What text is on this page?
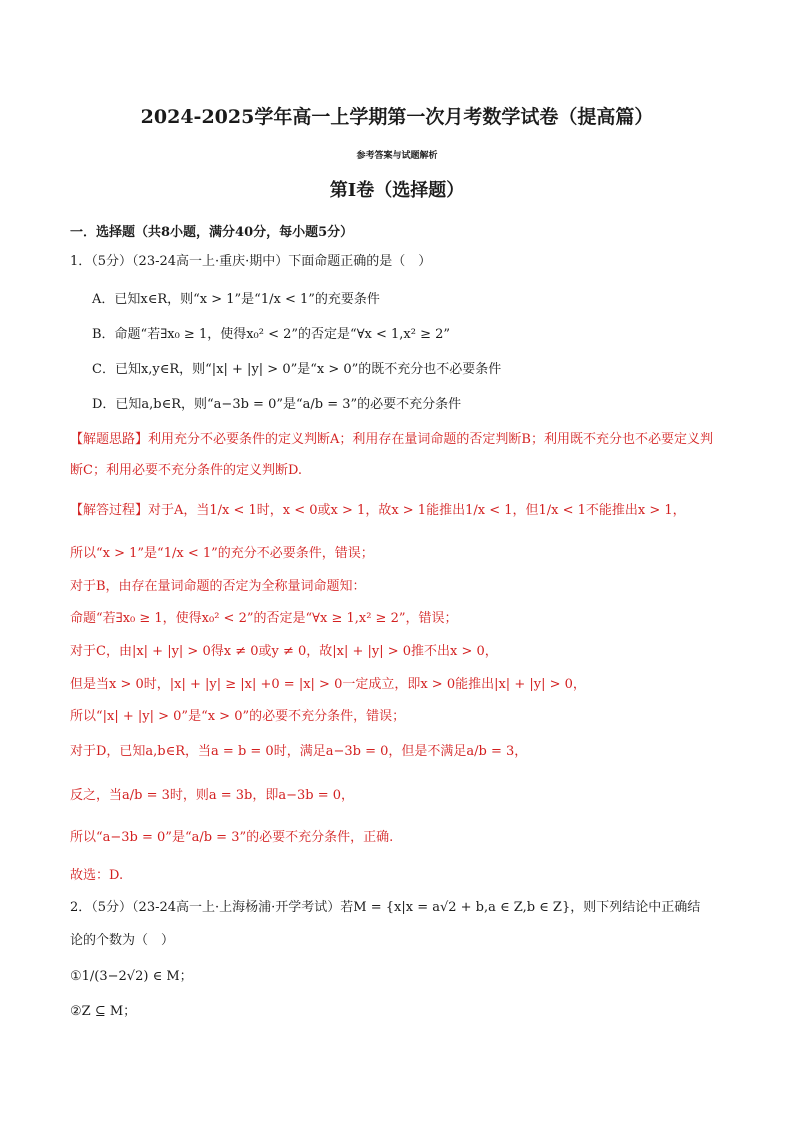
2024-2025学年高一上学期第一次月考数学试卷（提高篇）
参考答案与试题解析
第I卷（选择题）
一．选择题（共8小题，满分40分，每小题5分）
1．（5分）（23-24高一上·重庆·期中）下面命题正确的是（　）
A．已知x∈R，则“x > 1”是“1/x < 1”的充要条件
B．命题“若∃x₀ ≥ 1，使得x₀² < 2”的否定是“∀x < 1,x² ≥ 2”
C．已知x,y∈R，则“|x| + |y| > 0”是“x > 0”的既不充分也不必要条件
D．已知a,b∈R，则“a−3b = 0”是“a/b = 3”的必要不充分条件
【解题思路】利用充分不必要条件的定义判断A；利用存在量词命题的否定判断B；利用既不充分也不必要定义判断C；利用必要不充分条件的定义判断D.
【解答过程】对于A，当1/x < 1时，x < 0或x > 1，故x > 1能推出1/x < 1，但1/x < 1不能推出x > 1，
所以“x > 1”是“1/x < 1”的充分不必要条件，错误；
对于B，由存在量词命题的否定为全称量词命题知：
命题“若∃x₀ ≥ 1，使得x₀² < 2”的否定是“∀x ≥ 1,x² ≥ 2”，错误；
对于C，由|x| + |y| > 0得x ≠ 0或y ≠ 0，故|x| + |y| > 0推不出x > 0，
但是当x > 0时，|x| + |y| ≥ |x| +0 = |x| > 0一定成立，即x > 0能推出|x| + |y| > 0，
所以“|x| + |y| > 0”是“x > 0”的必要不充分条件，错误；
对于D，已知a,b∈R，当a = b = 0时，满足a−3b = 0，但是不满足a/b = 3，
反之，当a/b = 3时，则a = 3b，即a−3b = 0，
所以“a−3b = 0”是“a/b = 3”的必要不充分条件，正确.
故选：D.
2．（5分）（23-24高一上·上海杨浦·开学考试）若M = {x|x = a√2 + b,a ∈ Z,b ∈ Z}，则下列结论中正确结
论的个数为（　）
①1/(3−2√2) ∈ M；
②Z ⊆ M；
